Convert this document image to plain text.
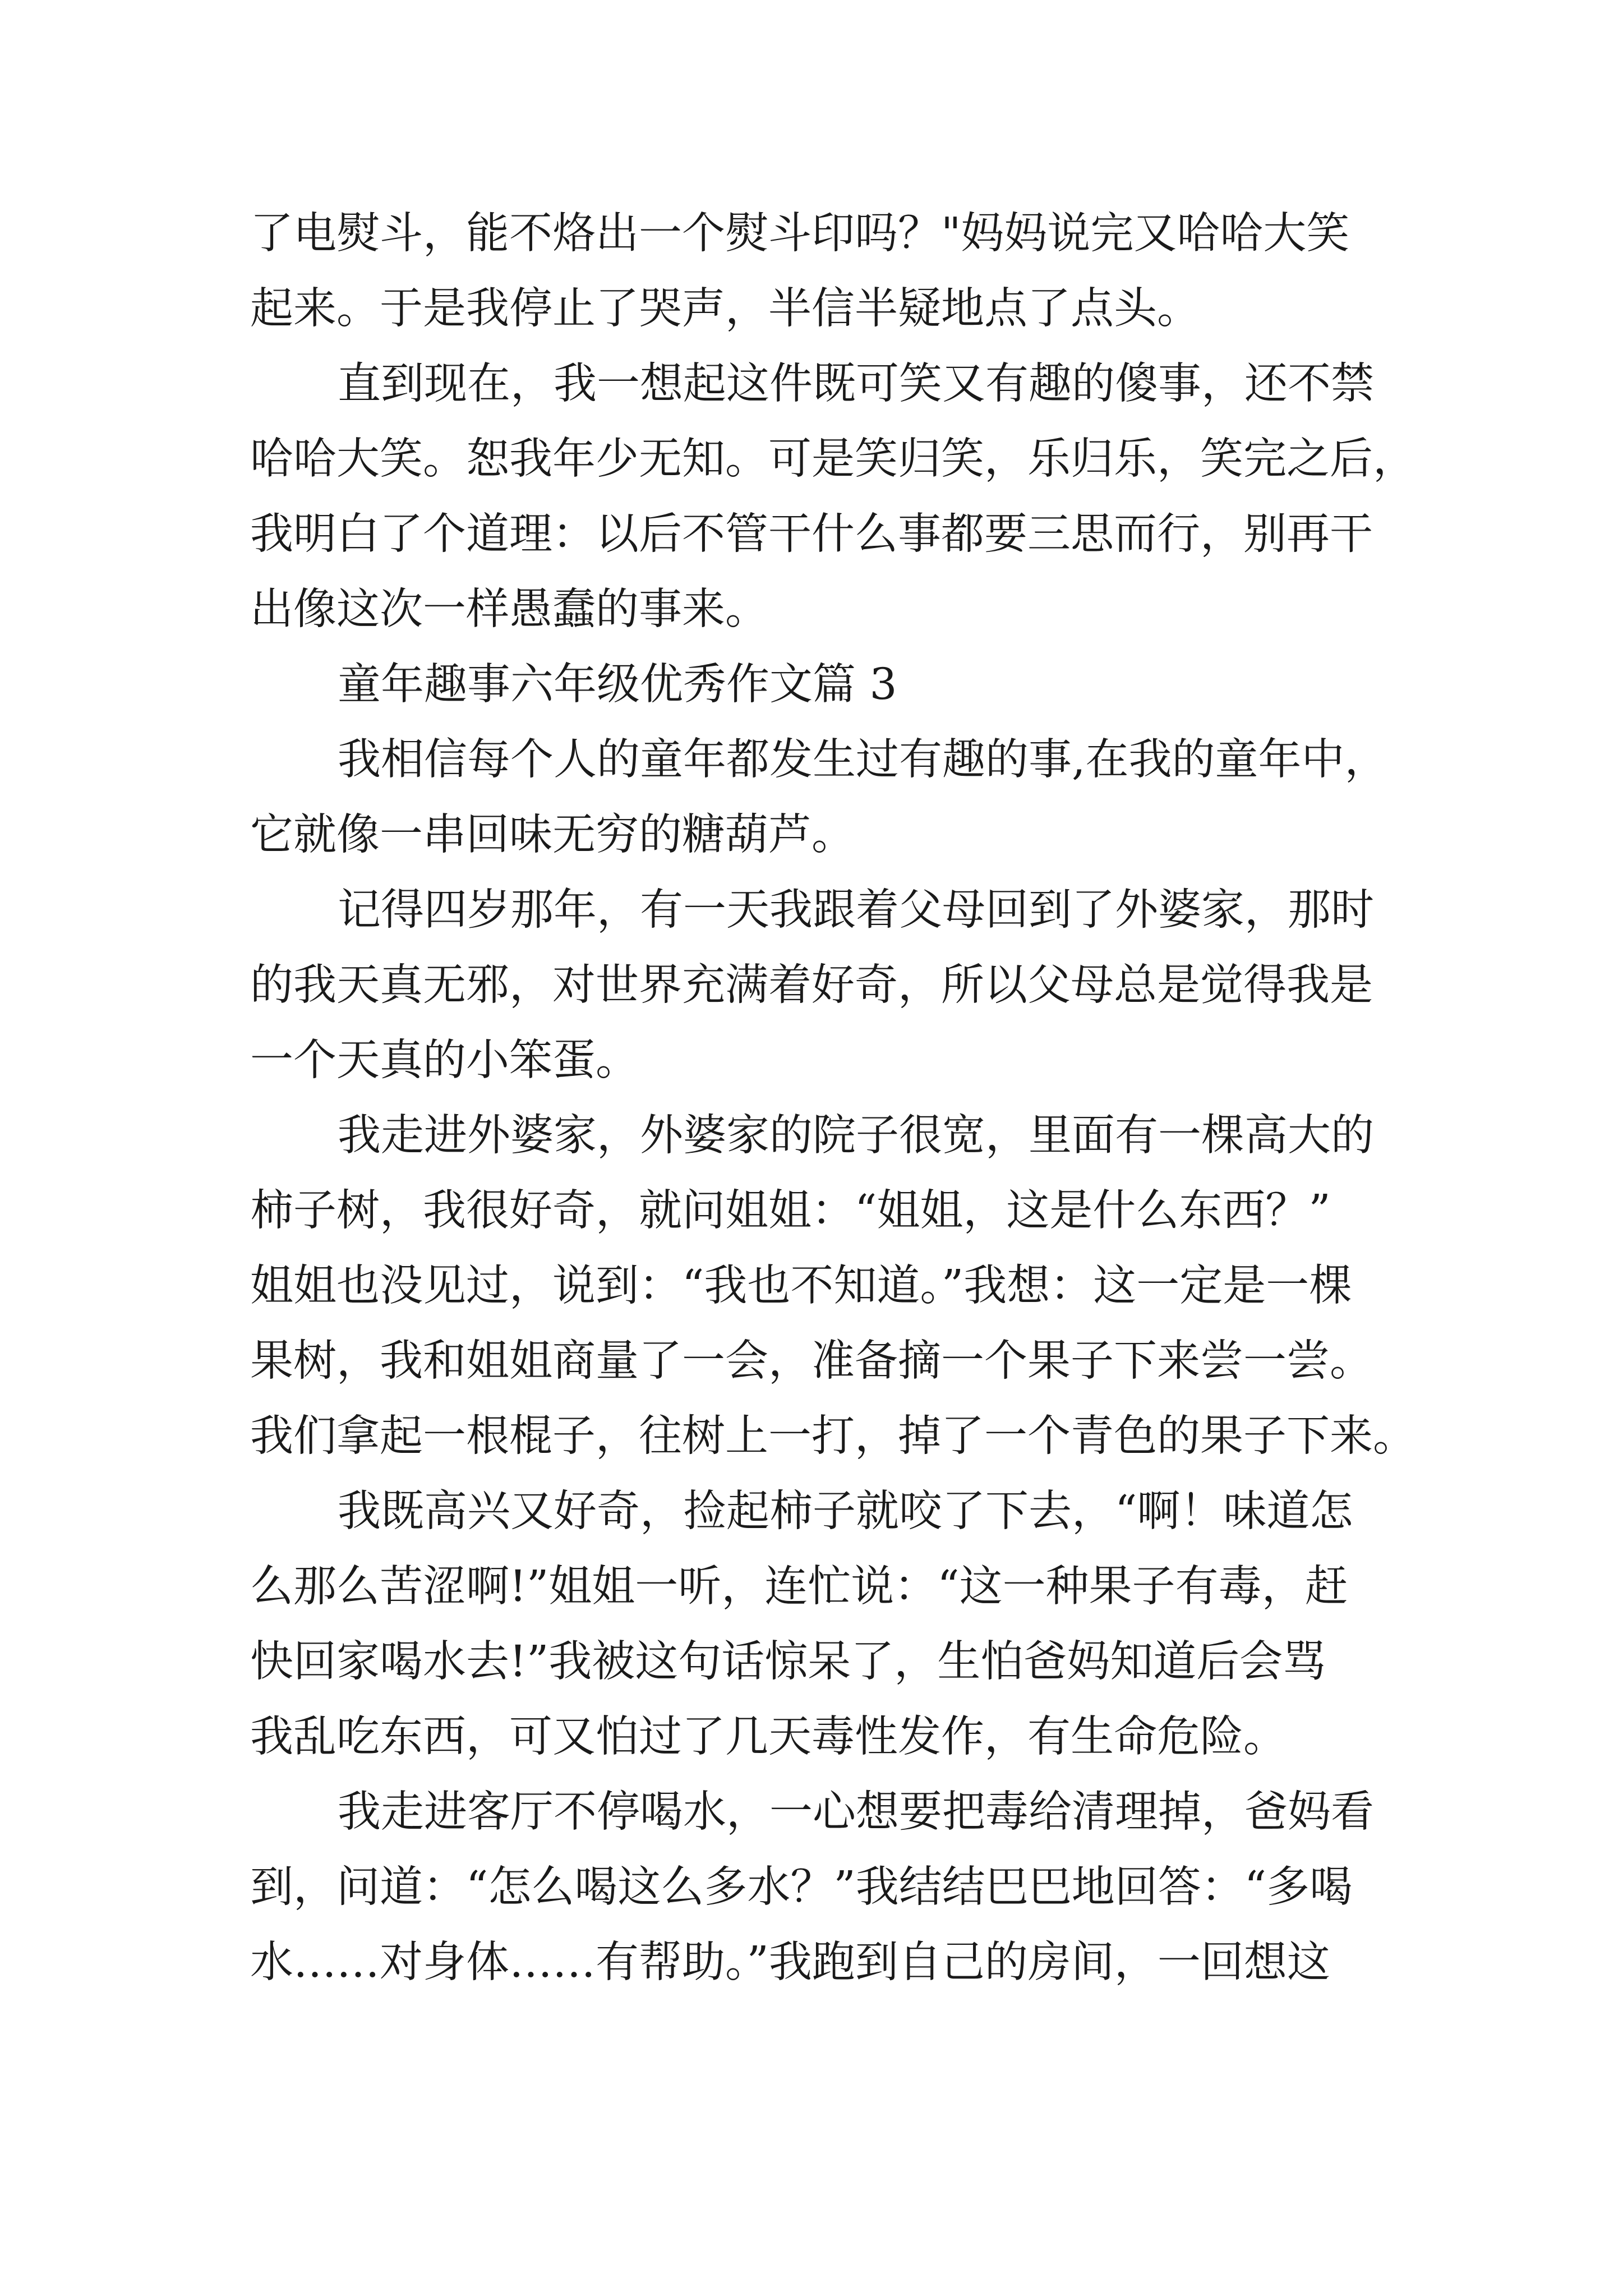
了电熨斗，能不烙出一个熨斗印吗？"妈妈说完又哈哈大笑
起来。于是我停止了哭声，半信半疑地点了点头。
直到现在，我一想起这件既可笑又有趣的傻事，还不禁
哈哈大笑。恕我年少无知。可是笑归笑，乐归乐，笑完之后，
我明白了个道理：以后不管干什么事都要三思而行，别再干
出像这次一样愚蠢的事来。
童年趣事六年级优秀作文篇 3
我相信每个人的童年都发生过有趣的事,在我的童年中，
它就像一串回味无穷的糖葫芦。
记得四岁那年，有一天我跟着父母回到了外婆家，那时
的我天真无邪，对世界充满着好奇，所以父母总是觉得我是
一个天真的小笨蛋。
我走进外婆家，外婆家的院子很宽，里面有一棵高大的
柿子树，我很好奇，就问姐姐：“姐姐，这是什么东西？”
姐姐也没见过，说到：“我也不知道。”我想：这一定是一棵
果树，我和姐姐商量了一会，准备摘一个果子下来尝一尝。
我们拿起一根棍子，往树上一打，掉了一个青色的果子下来。
我既高兴又好奇，捡起柿子就咬了下去，“啊！味道怎
么那么苦涩啊!”姐姐一听，连忙说：“这一种果子有毒，赶
快回家喝水去!”我被这句话惊呆了，生怕爸妈知道后会骂
我乱吃东西，可又怕过了几天毒性发作，有生命危险。
我走进客厅不停喝水，一心想要把毒给清理掉，爸妈看
到，问道：“怎么喝这么多水？”我结结巴巴地回答：“多喝
水……对身体……有帮助。”我跑到自己的房间，一回想这
